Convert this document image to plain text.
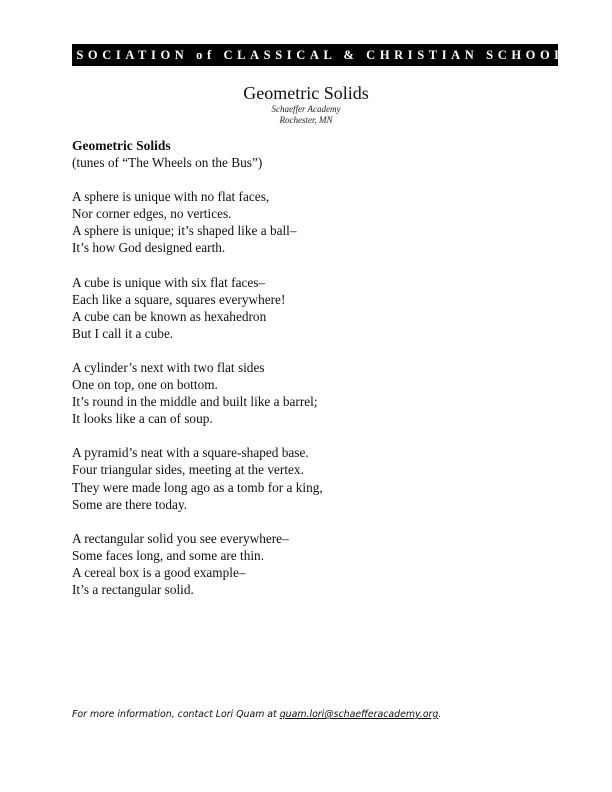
ASSOCIATION of CLASSICAL & CHRISTIAN SCHOOLS
Geometric Solids
Schaeffer Academy
Rochester, MN
Geometric Solids
(tunes of “The Wheels on the Bus”)
A sphere is unique with no flat faces,
Nor corner edges, no vertices.
A sphere is unique; it’s shaped like a ball–
It’s how God designed earth.
A cube is unique with six flat faces–
Each like a square, squares everywhere!
A cube can be known as hexahedron
But I call it a cube.
A cylinder’s next with two flat sides
One on top, one on bottom.
It’s round in the middle and built like a barrel;
It looks like a can of soup.
A pyramid’s neat with a square-shaped base.
Four triangular sides, meeting at the vertex.
They were made long ago as a tomb for a king,
Some are there today.
A rectangular solid you see everywhere–
Some faces long, and some are thin.
A cereal box is a good example–
It’s a rectangular solid.
For more information, contact Lori Quam at quam.lori@schaefferacademy.org.
